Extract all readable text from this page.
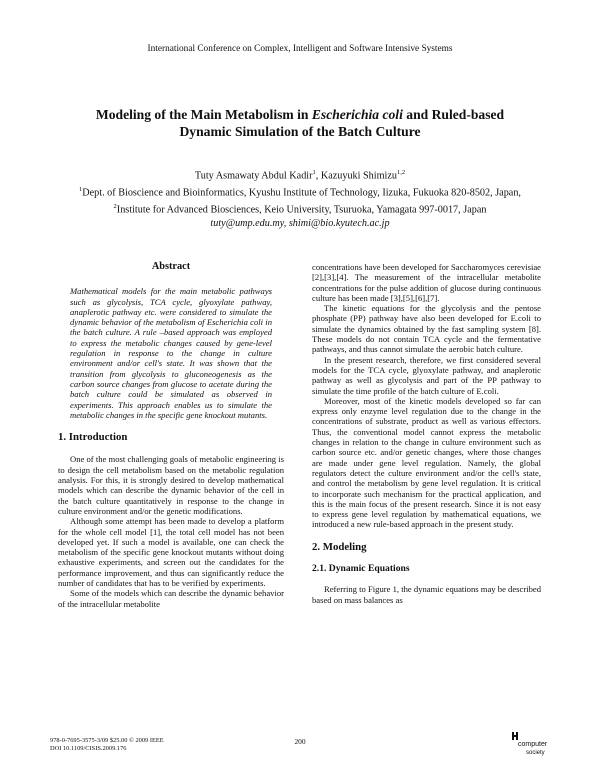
International Conference on Complex, Intelligent and Software Intensive Systems
Modeling of the Main Metabolism in Escherichia coli and Ruled-based Dynamic Simulation of the Batch Culture
Tuty Asmawaty Abdul Kadir$^1$, Kazuyuki Shimizu$^{1,2}$
$^1$Dept. of Bioscience and Bioinformatics, Kyushu Institute of Technology, Iizuka, Fukuoka 820-8502, Japan, $^2$Institute for Advanced Biosciences, Keio University, Tsuruoka, Yamagata 997-0017, Japan
tuty@ump.edu.my, shimi@bio.kyutech.ac.jp
Abstract

Mathematical models for the main metabolic pathways such as glycolysis, TCA cycle, glyoxylate pathway, anaplerotic pathway etc. were considered to simulate the dynamic behavior of the metabolism of Escherichia coli in the batch culture. A rule –based approach was employed to express the metabolic changes caused by gene-level regulation in response to the change in culture environment and/or cell's state. It was shown that the transition from glycolysis to gluconeogenesis as the carbon source changes from glucose to acetate during the batch culture could be simulated as observed in experiments. This approach enables us to simulate the metabolic changes in the specific gene knockout mutants.

1. Introduction

One of the most challenging goals of metabolic engineering is to design the cell metabolism based on the metabolic regulation analysis. For this, it is strongly desired to develop mathematical models which can describe the dynamic behavior of the cell in the batch culture quantitatively in response to the change in culture environment and/or the genetic modifications.

Although some attempt has been made to develop a platform for the whole cell model [1], the total cell model has not been developed yet. If such a model is available, one can check the metabolism of the specific gene knockout mutants without doing exhaustive experiments, and screen out the candidates for the performance improvement, and thus can significantly reduce the number of candidates that has to be verified by experiments.

Some of the models which can describe the dynamic behavior of the intracellular metabolite

concentrations have been developed for Saccharomyces cerevisiae [2],[3],[4]. The measurement of the intracellular metabolite concentrations for the pulse addition of glucose during continuous culture has been made [3],[5],[6],[7].

The kinetic equations for the glycolysis and the pentose phosphate (PP) pathway have also been developed for E.coli to simulate the dynamics obtained by the fast sampling system [8]. These models do not contain TCA cycle and the fermentative pathways, and thus cannot simulate the aerobic batch culture.

In the present research, therefore, we first considered several models for the TCA cycle, glyoxylate pathway, and anaplerotic pathway as well as glycolysis and part of the PP pathway to simulate the time profile of the batch culture of E.coli.

Moreover, most of the kinetic models developed so far can express only enzyme level regulation due to the change in the concentrations of substrate, product as well as various effectors. Thus, the conventional model cannot express the metabolic changes in relation to the change in culture environment such as carbon source etc. and/or genetic changes, where those changes are made under gene level regulation. Namely, the global regulators detect the culture environment and/or the cell's state, and control the metabolism by gene level regulation. It is critical to incorporate such mechanism for the practical application, and this is the main focus of the present research. Since it is not easy to express gene level regulation by mathematical equations, we introduced a new rule-based approach in the present study.

2. Modeling
2.1. Dynamic Equations

Referring to Figure 1, the dynamic equations may be described based on mass balances as

978-0-7695-3575-3/09 $25.00 © 2009 IEEE
DOI 10.1109/CISIS.2009.176
200	computer
society
